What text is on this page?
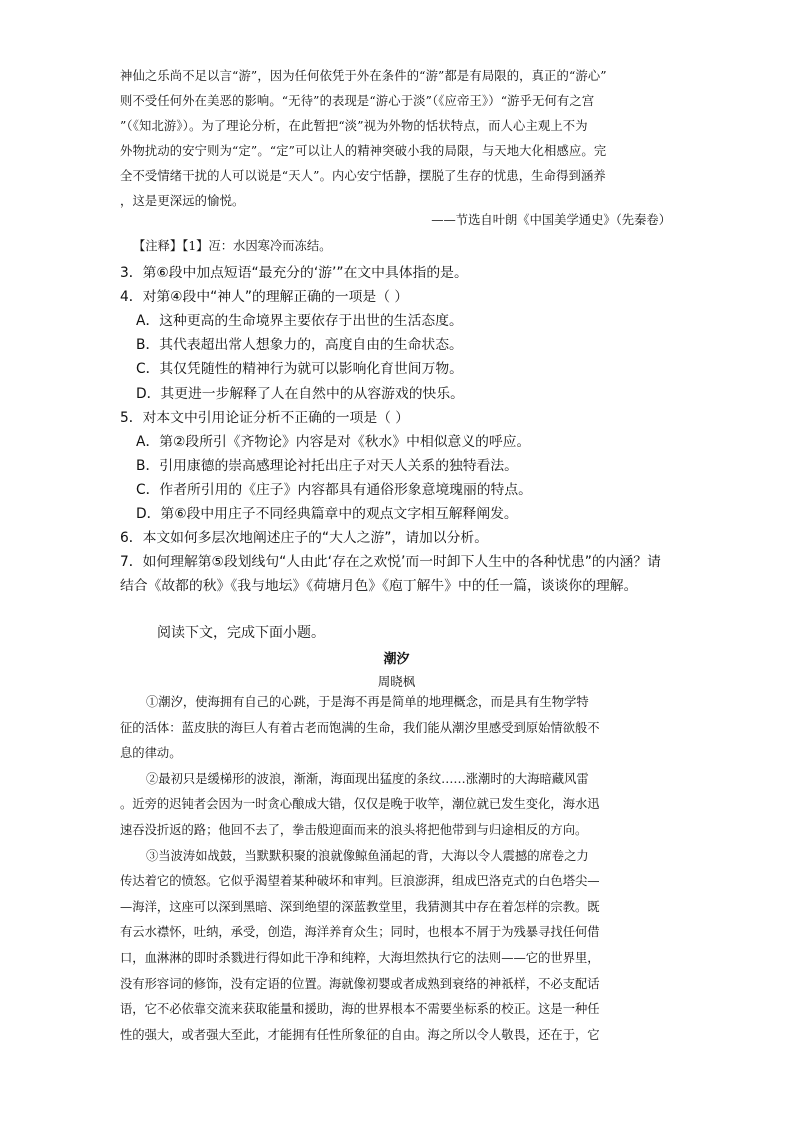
神仙之乐尚不足以言“游”，因为任何依凭于外在条件的“游”都是有局限的，真正的“游心”
则不受任何外在美恶的影响。“无待”的表现是“游心于淡”（《应帝王》）“游乎无何有之宫
”（《知北游》）。为了理论分析，在此暂把“淡”视为外物的恬状特点，而人心主观上不为
外物扰动的安宁则为“定”。“定”可以让人的精神突破小我的局限，与天地大化相感应。完
全不受情绪干扰的人可以说是“天人”。内心安宁恬静，摆脱了生存的忧患，生命得到涵养
，这是更深远的愉悦。
——节选自叶朗《中国美学通史》（先秦卷）
【注释】【1】冱：水因寒冷而冻结。
3．第⑥段中加点短语“最充分的‘游’”在文中具体指的是。
4．对第④段中“神人”的理解正确的一项是（ ）
A．这种更高的生命境界主要依存于出世的生活态度。
B．其代表超出常人想象力的，高度自由的生命状态。
C．其仅凭随性的精神行为就可以影响化育世间万物。
D．其更进一步解释了人在自然中的从容游戏的快乐。
5．对本文中引用论证分析不正确的一项是（ ）
A．第②段所引《齐物论》内容是对《秋水》中相似意义的呼应。
B．引用康德的崇高感理论衬托出庄子对天人关系的独特看法。
C．作者所引用的《庄子》内容都具有通俗形象意境瑰丽的特点。
D．第⑥段中用庄子不同经典篇章中的观点文字相互解释阐发。
6．本文如何多层次地阐述庄子的“大人之游”，请加以分析。
7．如何理解第⑤段划线句“人由此‘存在之欢悦’而一时卸下人生中的各种忧患”的内涵？请
结合《故都的秋》《我与地坛》《荷塘月色》《庖丁解牛》中的任一篇，谈谈你的理解。
阅读下文，完成下面小题。
潮汐
周晓枫
①潮汐，使海拥有自己的心跳，于是海不再是简单的地理概念，而是具有生物学特
征的活体：蓝皮肤的海巨人有着古老而饱满的生命，我们能从潮汐里感受到原始情欲般不
息的律动。
②最初只是缓梯形的波浪，渐渐，海面现出猛度的条纹……涨潮时的大海暗藏风雷
。近旁的迟钝者会因为一时贪心酿成大错，仅仅是晚于收竿，潮位就已发生变化，海水迅
速吞没折返的路；他回不去了，拳击般迎面而来的浪头将把他带到与归途相反的方向。
③当波涛如战鼓，当默默积聚的浪就像鲸鱼涌起的背，大海以令人震撼的席卷之力
传达着它的愤怒。它似乎渴望着某种破坏和审判。巨浪澎湃，组成巴洛克式的白色塔尖—
—海洋，这座可以深到黑暗、深到绝望的深蓝教堂里，我猜测其中存在着怎样的宗教。既
有云水襟怀，吐纳，承受，创造，海洋养育众生；同时，也根本不屑于为残暴寻找任何借
口，血淋淋的即时杀戮进行得如此干净和纯粹，大海坦然执行它的法则——它的世界里，
没有形容词的修饰，没有定语的位置。海就像初婴或者成熟到衰络的神祇样，不必支配话
语，它不必依靠交流来获取能量和援助，海的世界根本不需要坐标系的校正。这是一种任
性的强大，或者强大至此，才能拥有任性所象征的自由。海之所以令人敬畏，还在于，它
